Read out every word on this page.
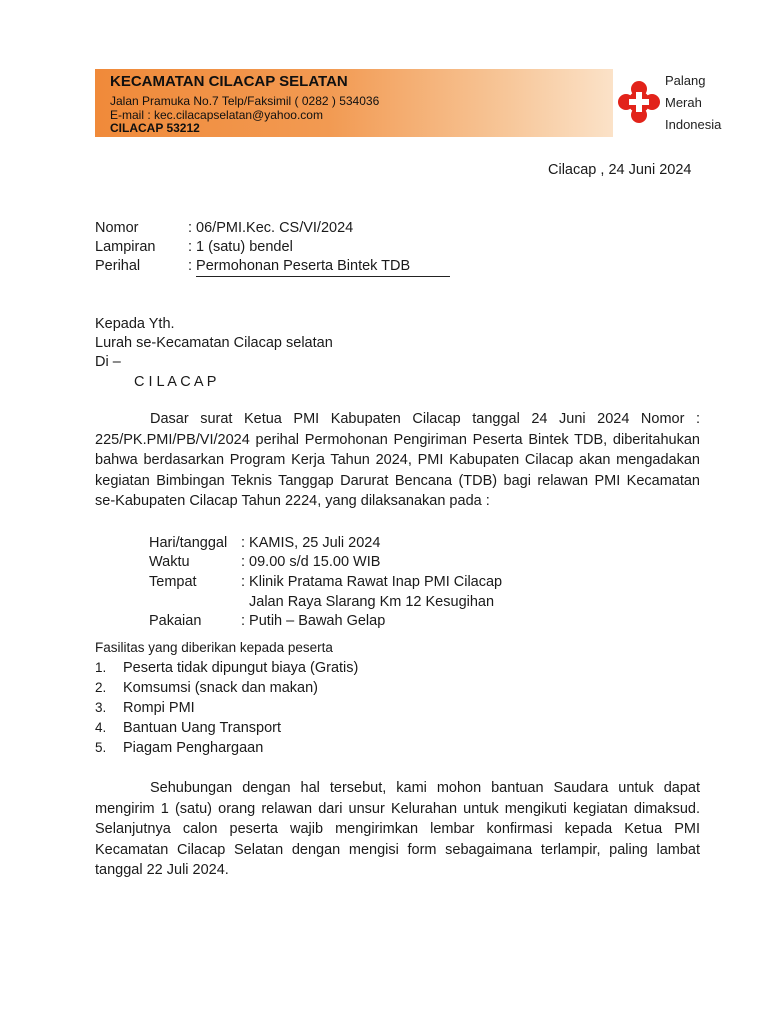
KECAMATAN CILACAP SELATAN
Jalan Pramuka No.7 Telp/Faksimil ( 0282 ) 534036
E-mail : kec.cilacapselatan@yahoo.com
CILACAP 53212
Palang
Merah
Indonesia
Cilacap , 24 Juni 2024
Nomor	: 06/PMI.Kec. CS/VI/2024
Lampiran : 1 (satu) bendel
Perihal	: Permohonan Peserta Bintek TDB
Kepada Yth.
Lurah se-Kecamatan Cilacap selatan
Di –
C I L A C A P
Dasar surat Ketua PMI Kabupaten Cilacap tanggal 24 Juni 2024 Nomor : 225/PK.PMI/PB/VI/2024 perihal Permohonan Pengiriman Peserta Bintek TDB, diberitahukan bahwa berdasarkan Program Kerja Tahun 2024, PMI Kabupaten Cilacap akan mengadakan kegiatan Bimbingan Teknis Tanggap Darurat Bencana (TDB) bagi relawan PMI Kecamatan se-Kabupaten Cilacap Tahun 2224, yang dilaksanakan pada :
Hari/tanggal : KAMIS, 25 Juli 2024
Waktu	: 09.00 s/d 15.00 WIB
Tempat	: Klinik Pratama Rawat Inap PMI Cilacap
Jalan Raya Slarang Km 12 Kesugihan
Pakaian	: Putih – Bawah Gelap
Fasilitas yang diberikan kepada peserta
1. Peserta tidak dipungut biaya (Gratis)
2. Komsumsi (snack dan makan)
3. Rompi PMI
4. Bantuan Uang Transport
5. Piagam Penghargaan
Sehubungan dengan hal tersebut, kami mohon bantuan Saudara untuk dapat mengirim 1 (satu) orang relawan dari unsur Kelurahan untuk mengikuti kegiatan dimaksud. Selanjutnya calon peserta wajib mengirimkan lembar konfirmasi kepada Ketua PMI Kecamatan Cilacap Selatan dengan mengisi form sebagaimana terlampir, paling lambat tanggal 22 Juli 2024.
